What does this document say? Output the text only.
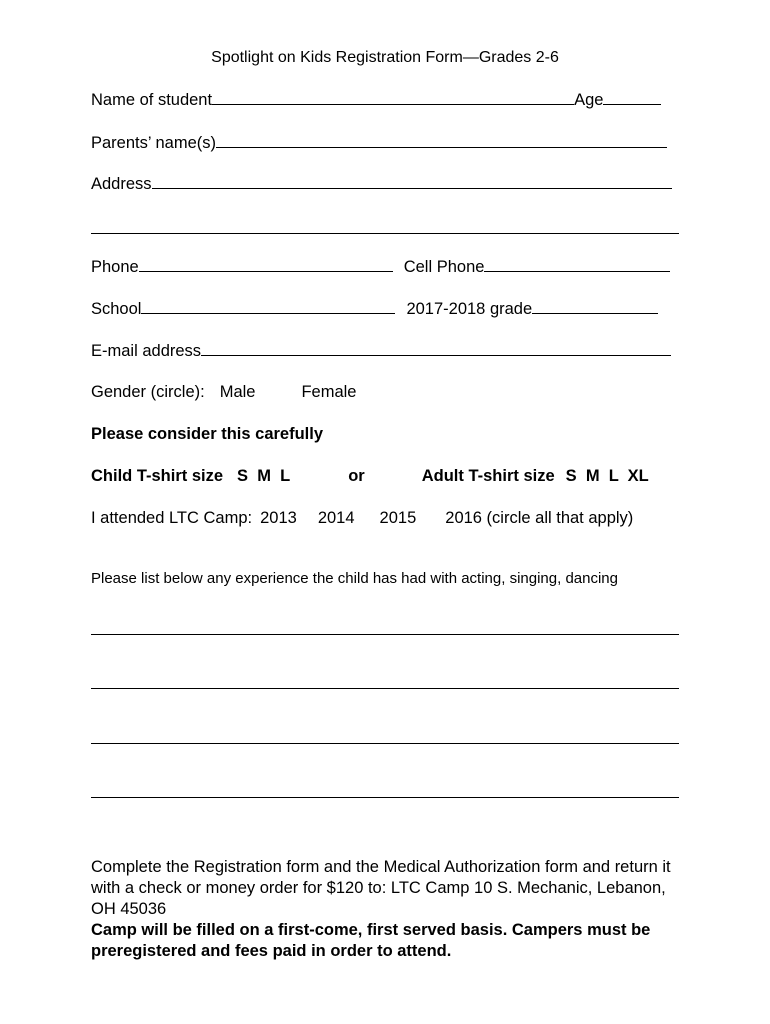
Spotlight on Kids Registration Form—Grades 2-6
Name of student	Age
Parents’ name(s)
Address
Phone	Cell Phone
School	2017-2018 grade
E-mail address
Gender (circle): Male	Female
Please consider this carefully
Child T-shirt size S  M  L	or	Adult T-shirt size S  M  L  XL
I attended LTC Camp: 2013 2014 2015 2016 (circle all that apply)
Please list below any experience the child has had with acting, singing, dancing
Complete the Registration form and the Medical Authorization form and return it with a check or money order for $120 to: LTC Camp 10 S. Mechanic, Lebanon, OH 45036
Camp will be filled on a first-come, first served basis. Campers must be preregistered and fees paid in order to attend.
